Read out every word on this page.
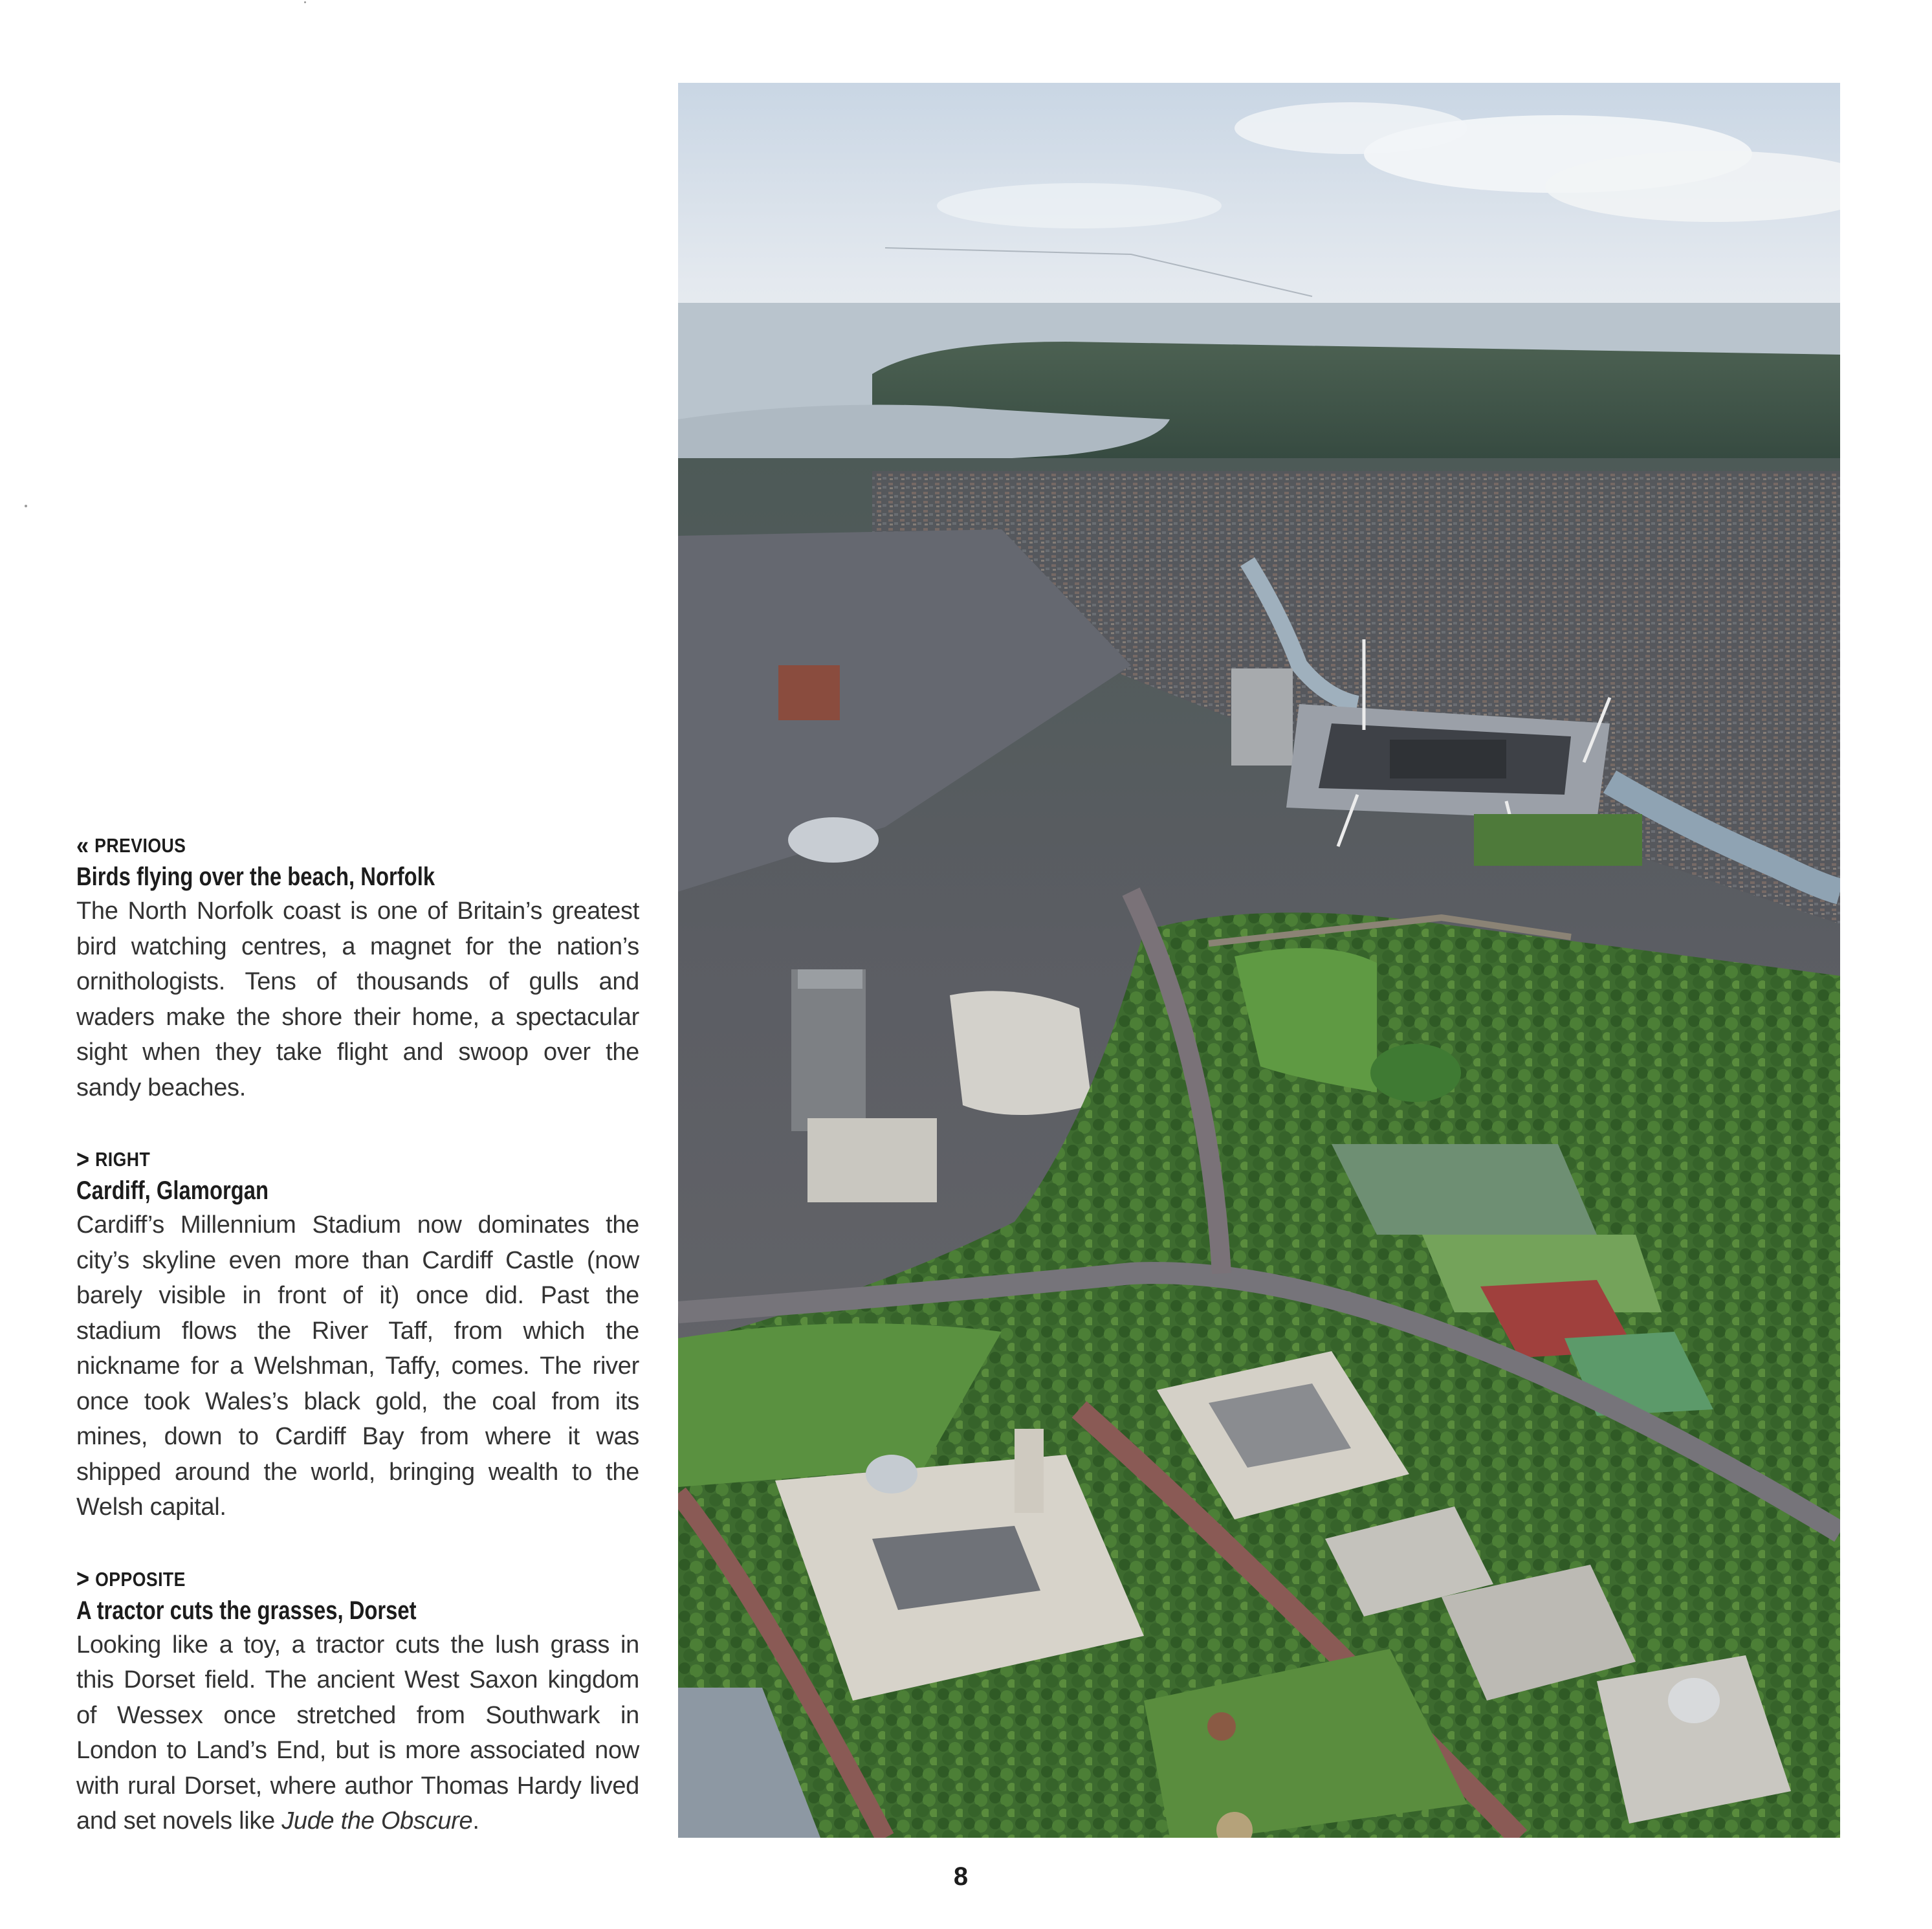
« PREVIOUS
Birds flying over the beach, Norfolk

The North Norfolk coast is one of Britain’s greatest bird watching centres, a magnet for the nation’s ornithologists. Tens of thousands of gulls and waders make the shore their home, a spectacular sight when they take flight and swoop over the sandy beaches.

> RIGHT
Cardiff, Glamorgan

Cardiff’s Millennium Stadium now dominates the city’s skyline even more than Cardiff Castle (now barely visible in front of it) once did. Past the stadium flows the River Taff, from which the nickname for a Welshman, Taffy, comes. The river once took Wales’s black gold, the coal from its mines, down to Cardiff Bay from where it was shipped around the world, bringing wealth to the Welsh capital.

> OPPOSITE
A tractor cuts the grasses, Dorset

Looking like a toy, a tractor cuts the lush grass in this Dorset field. The ancient West Saxon kingdom of Wessex once stretched from Southwark in London to Land’s End, but is more associated now with rural Dorset, where author Thomas Hardy lived and set novels like Jude the Obscure.

8
